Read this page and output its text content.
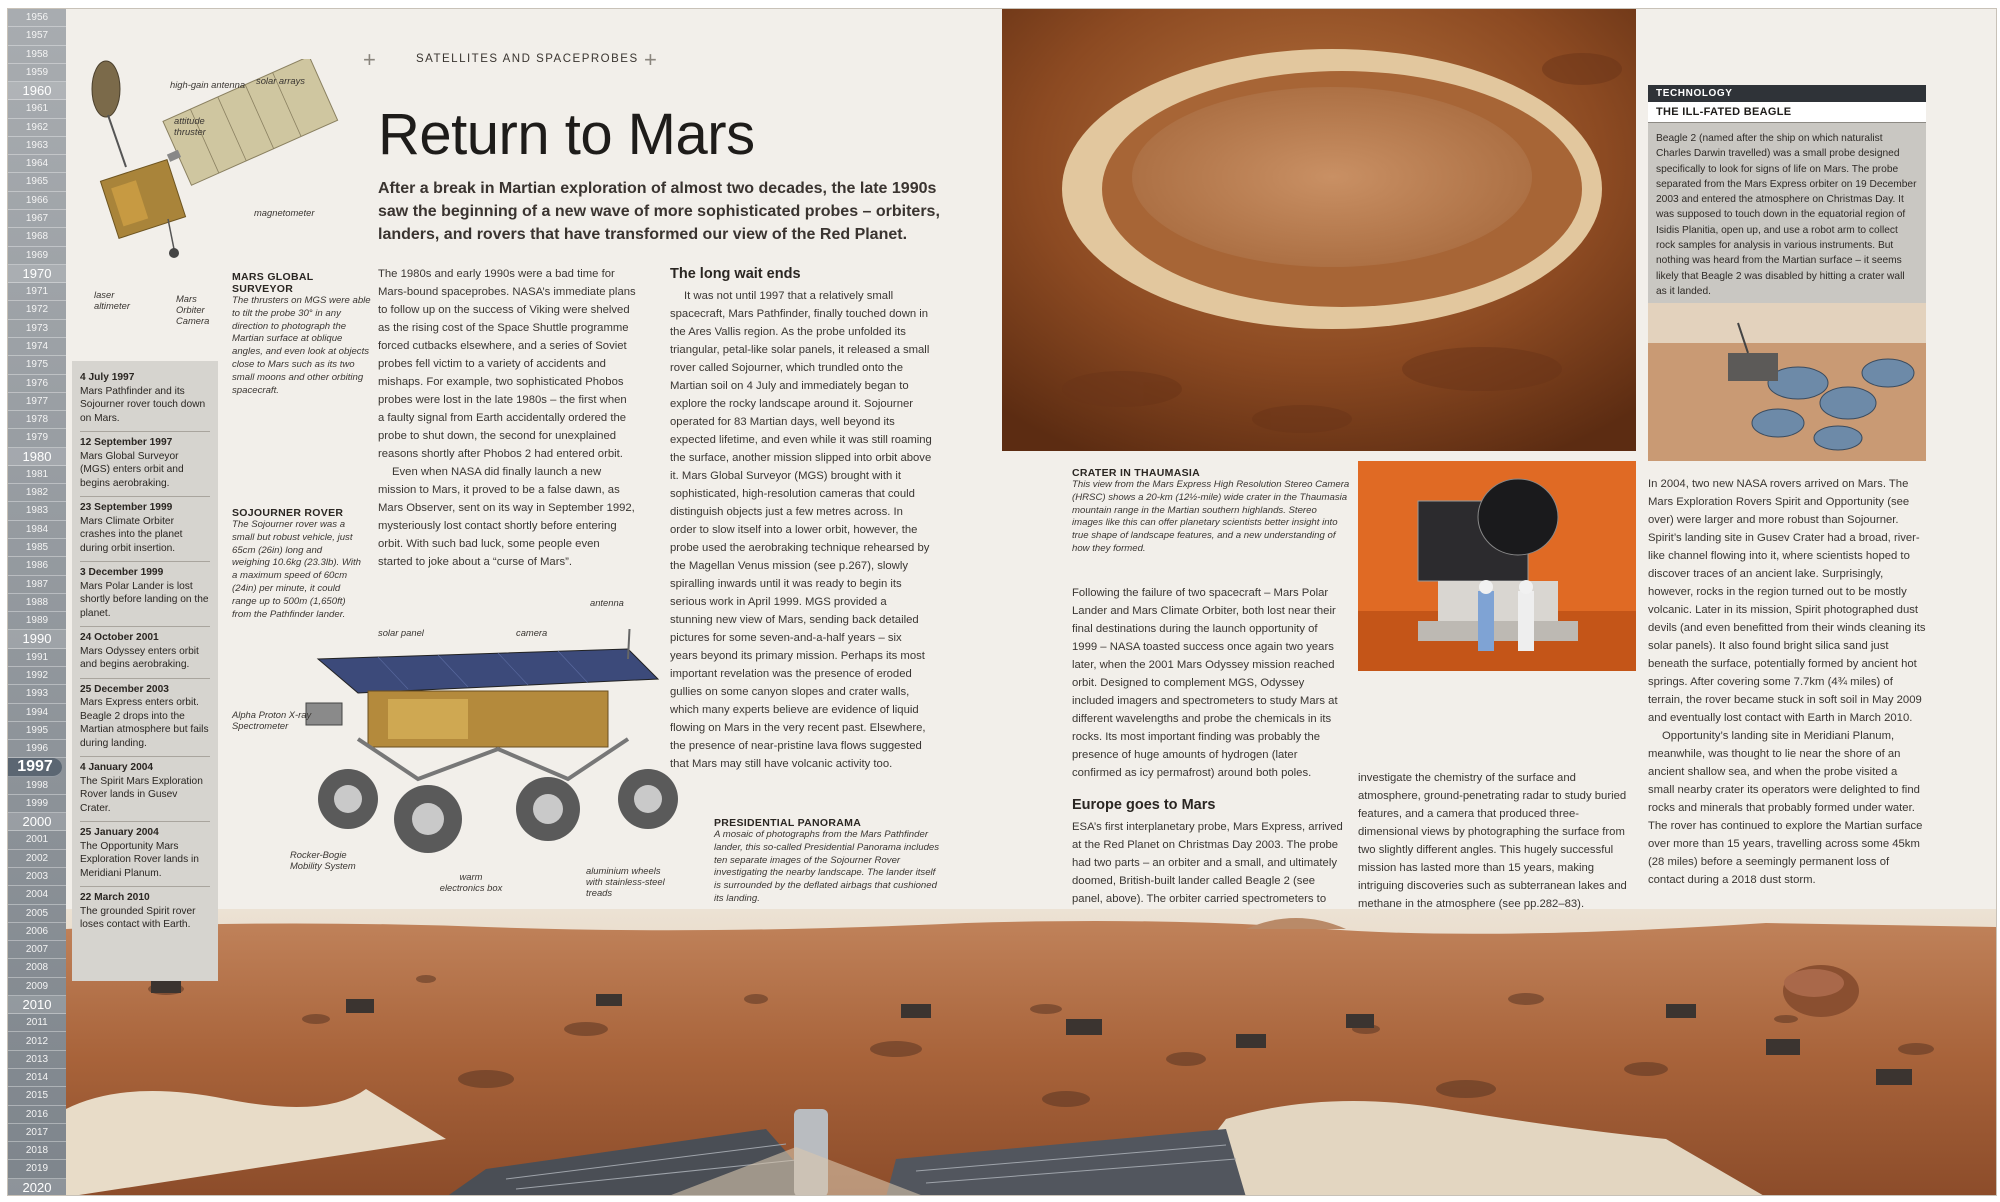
1956
1957
1958
1959
1960
1961
1962
1963
1964
1965
1966
1967
1968
1969
1970
1971
1972
1973
1974
1975
1976
1977
1978
1979
1980
1981
1982
1983
1984
1985
1986
1987
1988
1989
1990
1991
1992
1993
1994
1995
1996
1997
1998
1999
2000
2001
2002
2003
2004
2005
2006
2007
2008
2009
2010
2011
2012
2013
2014
2015
2016
2017
2018
2019
2020
+	SATELLITES AND SPACEPROBES +
Return to Mars
After a break in Martian exploration of almost two decades, the late 1990s saw the beginning of a new wave of more sophisticated probes – orbiters, landers, and rovers that have transformed our view of the Red Planet.
high-gain antenna solar arrays
attitude thruster
magnetometer
laser altimeter
Mars Orbiter Camera
MARS GLOBAL SURVEYOR
The thrusters on MGS were able to tilt the probe 30° in any direction to photograph the Martian surface at oblique angles, and even look at objects close to Mars such as its two small moons and other orbiting spacecraft.
SOJOURNER ROVER
The Sojourner rover was a small but robust vehicle, just 65cm (26in) long and weighing 10.6kg (23.3lb). With a maximum speed of 60cm (24in) per minute, it could range up to 500m (1,650ft) from the Pathfinder lander.
4 July 1997
Mars Pathfinder and its Sojourner rover touch down on Mars.
12 September 1997
Mars Global Surveyor (MGS) enters orbit and begins aerobraking.
23 September 1999
Mars Climate Orbiter crashes into the planet during orbit insertion.
3 December 1999
Mars Polar Lander is lost shortly before landing on the planet.
24 October 2001
Mars Odyssey enters orbit and begins aerobraking.
25 December 2003
Mars Express enters orbit. Beagle 2 drops into the Martian atmosphere but fails during landing.
4 January 2004
The Spirit Mars Exploration Rover lands in Gusev Crater.
25 January 2004
The Opportunity Mars Exploration Rover lands in Meridiani Planum.
22 March 2010
The grounded Spirit rover loses contact with Earth.

The 1980s and early 1990s were a bad time for Mars-bound spaceprobes. NASA’s immediate plans to follow up on the success of Viking were shelved as the rising cost of the Space Shuttle programme forced cutbacks elsewhere, and a series of Soviet probes fell victim to a variety of accidents and mishaps. For example, two sophisticated Phobos probes were lost in the late 1980s – the first when a faulty signal from Earth accidentally ordered the probe to shut down, the second for unexplained reasons shortly after Phobos 2 had entered orbit.

Even when NASA did finally launch a new mission to Mars, it proved to be a false dawn, as Mars Observer, sent on its way in September 1992, mysteriously lost contact shortly before entering orbit. With such bad luck, some people even started to joke about a “curse of Mars”.

The long wait ends

It was not until 1997 that a relatively small spacecraft, Mars Pathfinder, finally touched down in the Ares Vallis region. As the probe unfolded its triangular, petal-like solar panels, it released a small rover called Sojourner, which trundled onto the Martian soil on 4 July and immediately began to explore the rocky landscape around it. Sojourner operated for 83 Martian days, well beyond its expected lifetime, and even while it was still roaming the surface, another mission slipped into orbit above it. Mars Global Surveyor (MGS) brought with it sophisticated, high-resolution cameras that could distinguish objects just a few metres across. In order to slow itself into a lower orbit, however, the probe used the aerobraking technique rehearsed by the Magellan Venus mission (see p.267), slowly spiralling inwards until it was ready to begin its serious work in April 1999. MGS provided a stunning new view of Mars, sending back detailed pictures for some seven-and-a-half years – six years beyond its primary mission. Perhaps its most important revelation was the presence of eroded gullies on some canyon slopes and crater walls, which many experts believe are evidence of liquid flowing on Mars in the very recent past. Elsewhere, the presence of near-pristine lava flows suggested that Mars may still have volcanic activity too.

antenna
solar panel	camera
Alpha Proton X-ray Spectrometer
Rocker-Bogie Mobility System
warm electronics box
aluminium wheels with stainless-steel treads
PRESIDENTIAL PANORAMA
A mosaic of photographs from the Mars Pathfinder lander, this so-called Presidential Panorama includes ten separate images of the Sojourner Rover investigating the nearby landscape. The lander itself is surrounded by the deflated airbags that cushioned its landing.
CRATER IN THAUMASIA
This view from the Mars Express High Resolution Stereo Camera (HRSC) shows a 20-km (12½-mile) wide crater in the Thaumasia mountain range in the Martian southern highlands. Stereo images like this can offer planetary scientists better insight into true shape of landscape features, and a new understanding of how they formed.

Following the failure of two spacecraft – Mars Polar Lander and Mars Climate Orbiter, both lost near their final destinations during the launch opportunity of 1999 – NASA toasted success once again two years later, when the 2001 Mars Odyssey mission reached orbit. Designed to complement MGS, Odyssey included imagers and spectrometers to study Mars at different wavelengths and probe the chemicals in its rocks. Its most important finding was probably the presence of huge amounts of hydrogen (later confirmed as icy permafrost) around both poles.

Europe goes to Mars

ESA’s first interplanetary probe, Mars Express, arrived at the Red Planet on Christmas Day 2003. The probe had two parts – an orbiter and a small, and ultimately doomed, British-built lander called Beagle 2 (see panel, above). The orbiter carried spectrometers to

investigate the chemistry of the surface and atmosphere, ground-penetrating radar to study buried features, and a camera that produced three-dimensional views by photographing the surface from two slightly different angles. This hugely successful mission has lasted more than 15 years, making intriguing discoveries such as subterranean lakes and methane in the atmosphere (see pp.282–83).

TECHNOLOGY
THE ILL-FATED BEAGLE
Beagle 2 (named after the ship on which naturalist Charles Darwin travelled) was a small probe designed specifically to look for signs of life on Mars. The probe separated from the Mars Express orbiter on 19 December 2003 and entered the atmosphere on Christmas Day. It was supposed to touch down in the equatorial region of Isidis Planitia, open up, and use a robot arm to collect rock samples for analysis in various instruments. But nothing was heard from the Martian surface – it seems likely that Beagle 2 was disabled by hitting a crater wall as it landed.

In 2004, two new NASA rovers arrived on Mars. The Mars Exploration Rovers Spirit and Opportunity (see over) were larger and more robust than Sojourner. Spirit’s landing site in Gusev Crater had a broad, river-like channel flowing into it, where scientists hoped to discover traces of an ancient lake. Surprisingly, however, rocks in the region turned out to be mostly volcanic. Later in its mission, Spirit photographed dust devils (and even benefitted from their winds cleaning its solar panels). It also found bright silica sand just beneath the surface, potentially formed by ancient hot springs. After covering some 7.7km (4¾ miles) of terrain, the rover became stuck in soft soil in May 2009 and eventually lost contact with Earth in March 2010.

Opportunity’s landing site in Meridiani Planum, meanwhile, was thought to lie near the shore of an ancient shallow sea, and when the probe visited a small nearby crater its operators were delighted to find rocks and minerals that probably formed under water. The rover has continued to explore the Martian surface over more than 15 years, travelling across some 45km (28 miles) before a seemingly permanent loss of contact during a 2018 dust storm.
